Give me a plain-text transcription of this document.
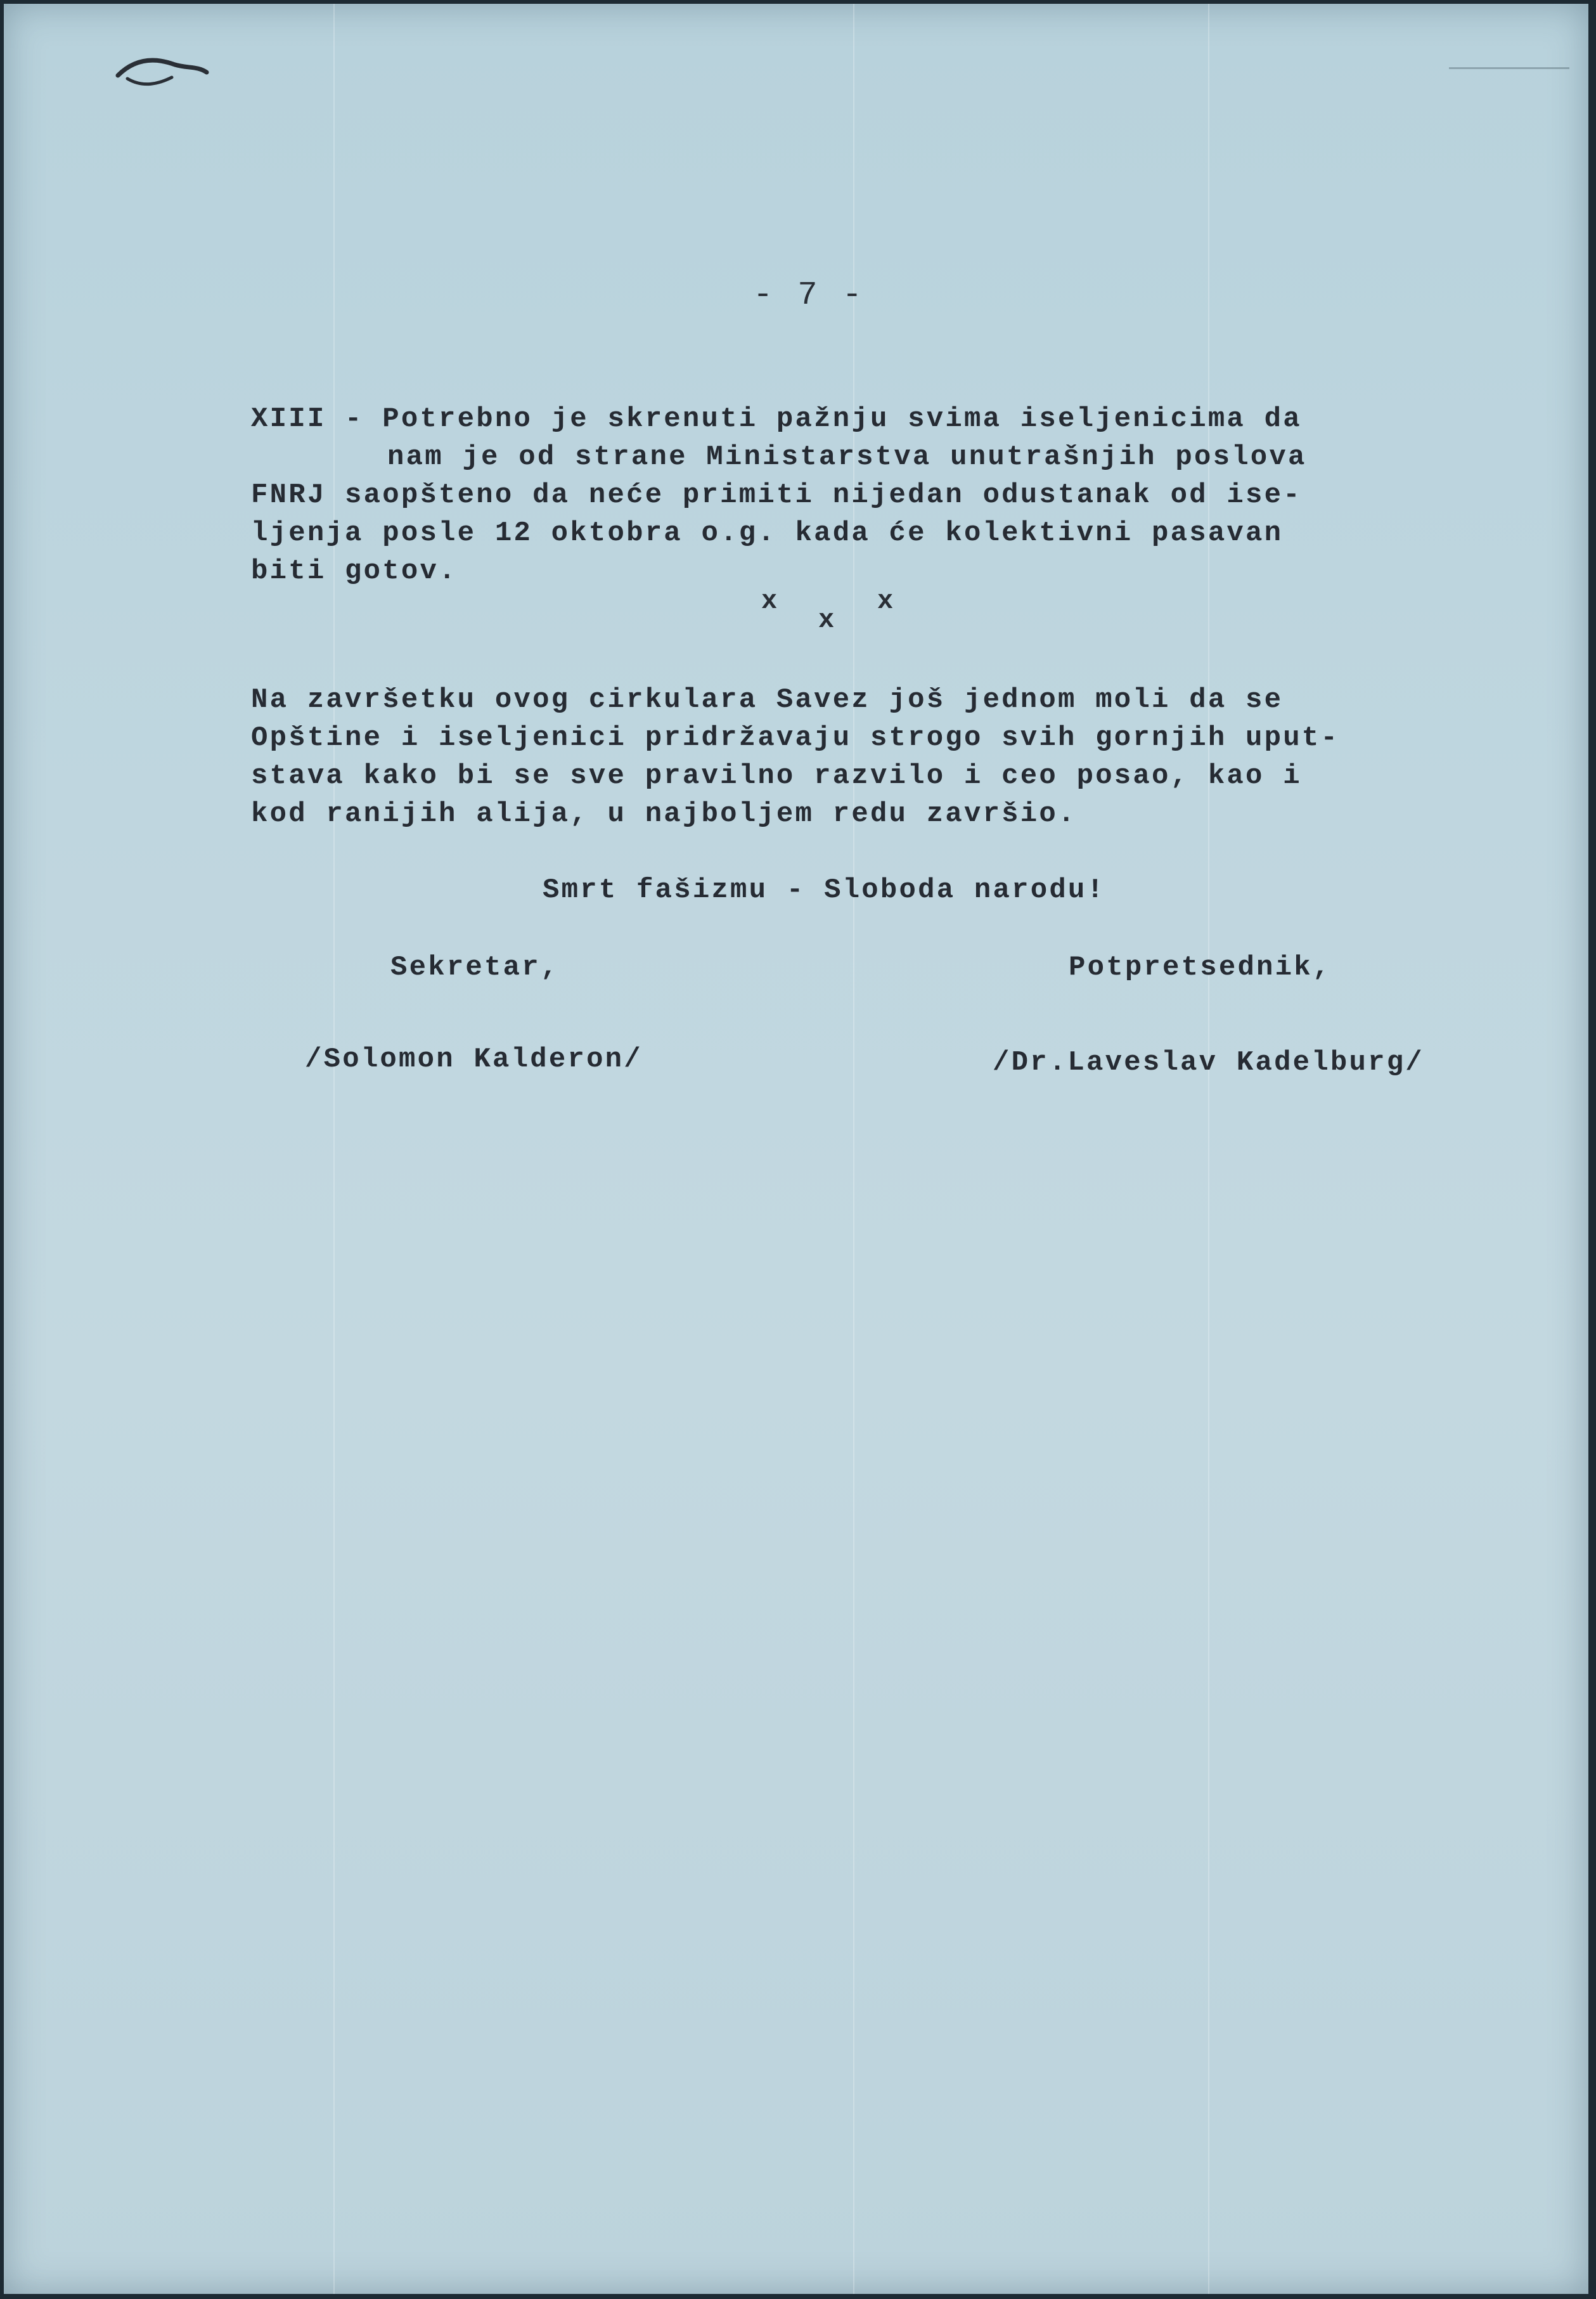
- 7 -
XIII - Potrebno je skrenuti pažnju svima iseljenicima da
nam je od strane Ministarstva unutrašnjih poslova
FNRJ saopšteno da neće primiti nijedan odustanak od ise-
ljenja posle 12 oktobra o.g. kada će kolektivni pasavan
biti gotov.
x
x
x
Na završetku ovog cirkulara Savez još jednom moli da se
Opštine i iseljenici pridržavaju strogo svih gornjih uput-
stava kako bi se sve pravilno razvilo i ceo posao, kao i
kod ranijih alija, u najboljem redu završio.
Smrt fašizmu - Sloboda narodu!
Sekretar,	Potpretsednik,
/Solomon Kalderon/	/Dr.Laveslav Kadelburg/
